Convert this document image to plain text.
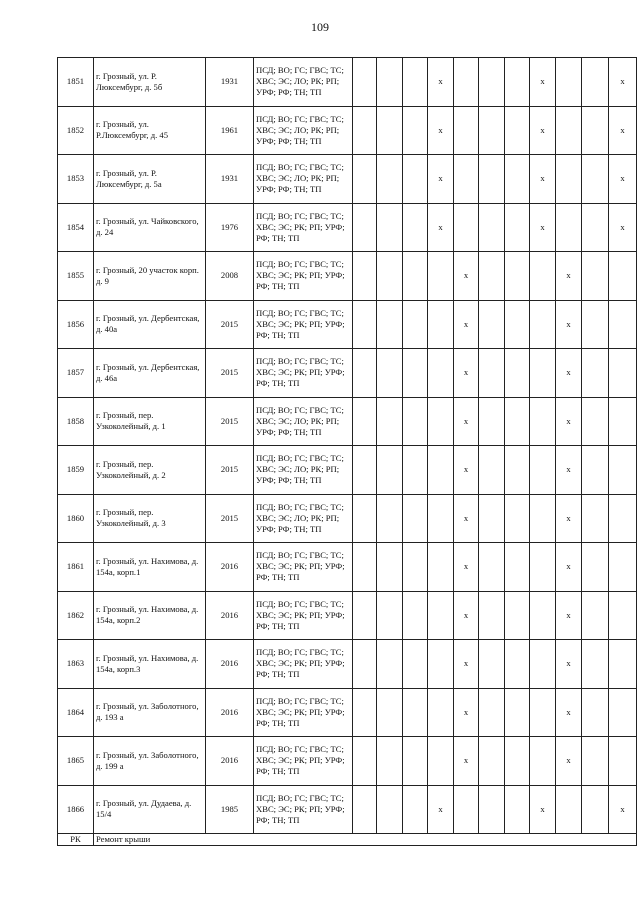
109
1851	г. Грозный, ул. Р. Люксембург, д. 5б	1931	ПСД; ВО; ГС; ГВС; ТС; ХВС; ЭС; ЛО; РК; РП; УРФ; РФ; ТН; ТП				x				x			x
1852	г. Грозный, ул. Р.Люксембург, д. 45	1961	ПСД; ВО; ГС; ГВС; ТС; ХВС; ЭС; ЛО; РК; РП; УРФ; РФ; ТН; ТП				x				x			x
1853	г. Грозный, ул. Р. Люксембург, д. 5а	1931	ПСД; ВО; ГС; ГВС; ТС; ХВС; ЭС; ЛО; РК; РП; УРФ; РФ; ТН; ТП				x				x			x
1854	г. Грозный, ул. Чайковского, д. 24	1976	ПСД; ВО; ГС; ГВС; ТС; ХВС; ЭС; РК; РП; УРФ; РФ; ТН; ТП				x				x			x
1855	г. Грозный, 20 участок корп. д. 9	2008	ПСД; ВО; ГС; ГВС; ТС; ХВС; ЭС; РК; РП; УРФ; РФ; ТН; ТП					x				x		
1856	г. Грозный, ул. Дербентская, д. 40а	2015	ПСД; ВО; ГС; ГВС; ТС; ХВС; ЭС; РК; РП; УРФ; РФ; ТН; ТП					x				x		
1857	г. Грозный, ул. Дербентская, д. 46а	2015	ПСД; ВО; ГС; ГВС; ТС; ХВС; ЭС; РК; РП; УРФ; РФ; ТН; ТП					x				x		
1858	г. Грозный, пер. Узкоколейный, д. 1	2015	ПСД; ВО; ГС; ГВС; ТС; ХВС; ЭС; ЛО; РК; РП; УРФ; РФ; ТН; ТП					x				x		
1859	г. Грозный, пер. Узкоколейный, д. 2	2015	ПСД; ВО; ГС; ГВС; ТС; ХВС; ЭС; ЛО; РК; РП; УРФ; РФ; ТН; ТП					x				x		
1860	г. Грозный, пер. Узкоколейный, д. 3	2015	ПСД; ВО; ГС; ГВС; ТС; ХВС; ЭС; ЛО; РК; РП; УРФ; РФ; ТН; ТП					x				x		
1861	г. Грозный, ул. Нахимова, д. 154а, корп.1	2016	ПСД; ВО; ГС; ГВС; ТС; ХВС; ЭС; РК; РП; УРФ; РФ; ТН; ТП					x				x		
1862	г. Грозный, ул. Нахимова, д. 154а, корп.2	2016	ПСД; ВО; ГС; ГВС; ТС; ХВС; ЭС; РК; РП; УРФ; РФ; ТН; ТП					x				x		
1863	г. Грозный, ул. Нахимова, д. 154а, корп.3	2016	ПСД; ВО; ГС; ГВС; ТС; ХВС; ЭС; РК; РП; УРФ; РФ; ТН; ТП					x				x		
1864	г. Грозный, ул. Заболотного, д. 193 а	2016	ПСД; ВО; ГС; ГВС; ТС; ХВС; ЭС; РК; РП; УРФ; РФ; ТН; ТП					x				x		
1865	г. Грозный, ул. Заболотного, д. 199 а	2016	ПСД; ВО; ГС; ГВС; ТС; ХВС; ЭС; РК; РП; УРФ; РФ; ТН; ТП					x				x		
1866	г. Грозный, ул. Дудаева, д. 15/4	1985	ПСД; ВО; ГС; ГВС; ТС; ХВС; ЭС; РК; РП; УРФ; РФ; ТН; ТП				x				x			x
РК	Ремонт крыши													
